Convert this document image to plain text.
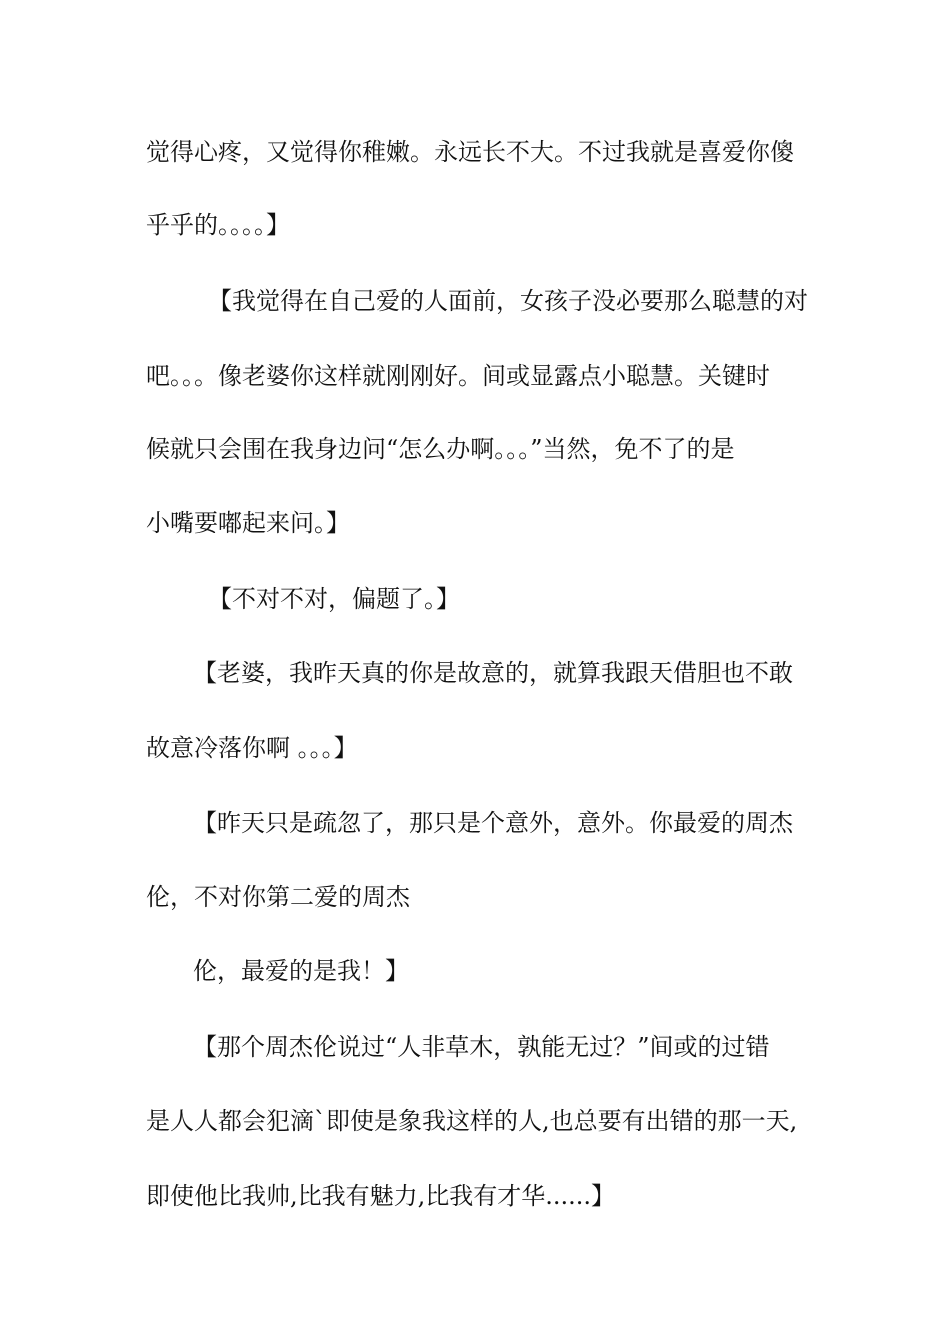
觉得心疼，又觉得你稚嫩。永远长不大。不过我就是喜爱你傻
乎乎的。。。。】
【我觉得在自己爱的人面前，女孩子没必要那么聪慧的对
吧。。。像老婆你这样就刚刚好。间或显露点小聪慧。关键时
候就只会围在我身边问“怎么办啊。。。”当然，免不了的是
小嘴要嘟起来问。】
【不对不对，偏题了。】
【老婆，我昨天真的你是故意的，就算我跟天借胆也不敢
故意冷落你啊 。。。】
【昨天只是疏忽了，那只是个意外，意外。你最爱的周杰
伦，不对你第二爱的周杰
伦，最爱的是我！】
【那个周杰伦说过“人非草木，孰能无过？”间或的过错
是人人都会犯滴`即使是象我这样的人,也总要有出错的那一天,
即使他比我帅,比我有魅力,比我有才华......】
